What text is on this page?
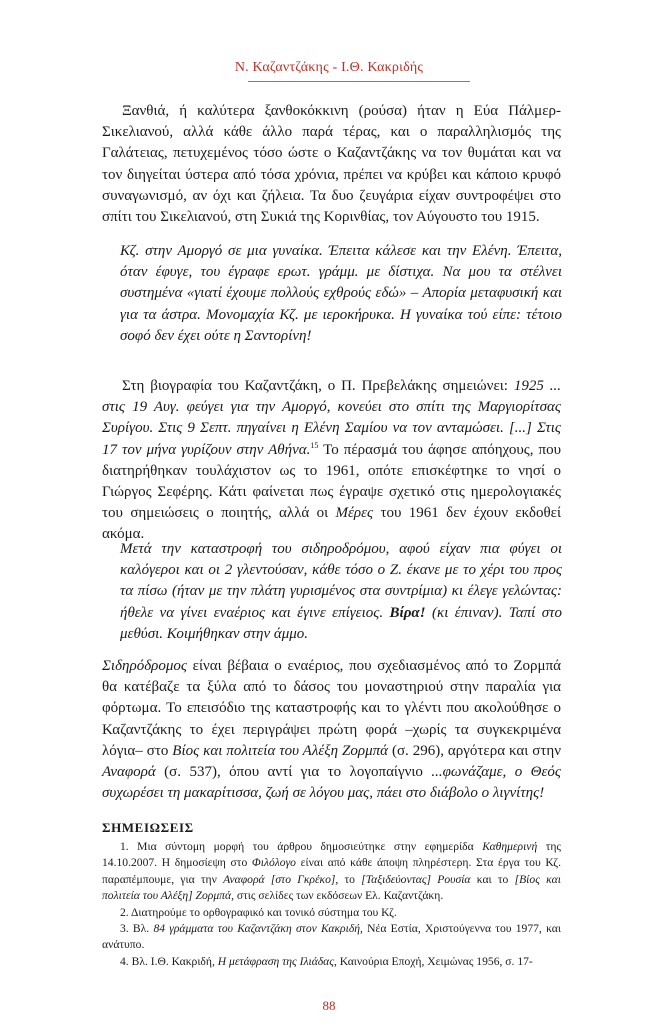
Ν. Καζαντζάκης - Ι.Θ. Κακριδής

Ξανθιά, ή καλύτερα ξανθοκόκκινη (ρούσα) ήταν η Εύα Πάλμερ-Σικελιανού, αλλά κάθε άλλο παρά τέρας, και ο παραλληλισμός της Γαλάτειας, πετυχεμένος τόσο ώστε ο Καζαντζάκης να τον θυμάται και να τον διηγείται ύστερα από τόσα χρόνια, πρέπει να κρύβει και κάποιο κρυφό συναγωνισμό, αν όχι και ζήλεια. Τα δυο ζευγάρια είχαν συντροφέψει στο σπίτι του Σικελιανού, στη Συκιά της Κορινθίας, τον Αύγουστο του 1915.

Κζ. στην Αμοργό σε μια γυναίκα. Έπειτα κάλεσε και την Ελένη. Έπειτα, όταν έφυγε, του έγραφε ερωτ. γράμμ. με δίστιχα. Να μου τα στέλνει συστημένα «γιατί έχουμε πολλούς εχθρούς εδώ» – Απορία μεταφυσική και για τα άστρα. Μονομαχία Κζ. με ιεροκήρυκα. Η γυναίκα τού είπε: τέτοιο σοφό δεν έχει ούτε η Σαντορίνη!

Στη βιογραφία του Καζαντζάκη, ο Π. Πρεβελάκης σημειώνει: 1925 ... στις 19 Αυγ. φεύγει για την Αμοργό, κονεύει στο σπίτι της Μαργιορίτσας Συρίγου. Στις 9 Σεπτ. πηγαίνει η Ελένη Σαμίου να τον ανταμώσει. [...] Στις 17 τον μήνα γυρίζουν στην Αθήνα.$^{15}$ Το πέρασμά του άφησε απόηχους, που διατηρήθηκαν τουλάχιστον ως το 1961, οπότε επισκέφτηκε το νησί ο Γιώργος Σεφέρης. Κάτι φαίνεται πως έγραψε σχετικό στις ημερολογιακές του σημειώσεις ο ποιητής, αλλά οι Μέρες του 1961 δεν έχουν εκδοθεί ακόμα.

Μετά την καταστροφή του σιδηροδρόμου, αφού είχαν πια φύγει οι καλόγεροι και οι 2 γλεντούσαν, κάθε τόσο ο Ζ. έκανε με το χέρι του προς τα πίσω (ήταν με την πλάτη γυρισμένος στα συντρίμια) κι έλεγε γελώντας: ήθελε να γίνει εναέριος και έγινε επίγειος. Βίρα! (κι έπιναν). Ταπί στο μεθύσι. Κοιμήθηκαν στην άμμο.

Σιδηρόδρομος είναι βέβαια ο εναέριος, που σχεδιασμένος από το Ζορμπά θα κατέβαζε τα ξύλα από το δάσος του μοναστηριού στην παραλία για φόρτωμα. Το επεισόδιο της καταστροφής και το γλέντι που ακολούθησε ο Καζαντζάκης το έχει περιγράψει πρώτη φορά –χωρίς τα συγκεκριμένα λόγια– στο Βίος και πολιτεία του Αλέξη Ζορμπά (σ. 296), αργότερα και στην Αναφορά (σ. 537), όπου αντί για το λογοπαίγνιο ...φωνάζαμε, ο Θεός συχωρέσει τη μακαρίτισσα, ζωή σε λόγου μας, πάει στο διάβολο ο λιγνίτης!

ΣΗΜΕΙΩΣΕΙΣ

1. Μια σύντομη μορφή του άρθρου δημοσιεύτηκε στην εφημερίδα Καθημερινή της 14.10.2007. Η δημοσίεψη στο Φιλόλογο είναι από κάθε άποψη πληρέστερη. Στα έργα του Κζ. παραπέμπουμε, για την Αναφορά [στο Γκρέκο], το [Ταξιδεύοντας] Ρουσία και το [Βίος και πολιτεία του Αλέξη] Ζορμπά, στις σελίδες των εκδόσεων Ελ. Καζαντζάκη.

2. Διατηρούμε το ορθογραφικό και τονικό σύστημα του Κζ.

3. Βλ. 84 γράμματα του Καζαντζάκη στον Κακριδή, Νέα Εστία, Χριστούγεννα του 1977, και ανάτυπο.

4. Βλ. Ι.Θ. Κακριδή, Η μετάφραση της Ιλιάδας, Καινούρια Εποχή, Χειμώνας 1956, σ. 17-

88
